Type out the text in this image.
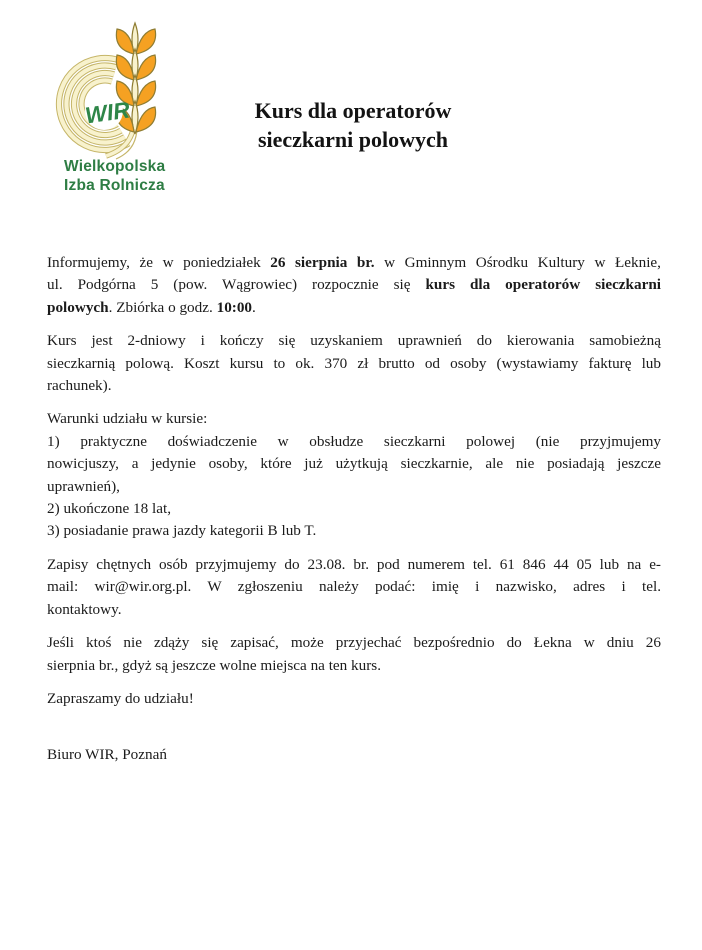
WIR
Wielkopolska
Izba Rolnicza
Kurs dla operatorów
sieczkarni polowych
Informujemy, że w poniedziałek 26 sierpnia br. w Gminnym Ośrodku Kultury w Łeknie,
ul. Podgórna 5 (pow. Wągrowiec) rozpocznie się kurs dla operatorów sieczkarni
polowych. Zbiórka o godz. 10:00.
Kurs jest 2-dniowy i kończy się uzyskaniem uprawnień do kierowania samobieżną
sieczkarnią polową. Koszt kursu to ok. 370 zł brutto od osoby (wystawiamy fakturę lub
rachunek).
Warunki udziału w kursie:
1) praktyczne doświadczenie w obsłudze sieczkarni polowej (nie przyjmujemy
nowicjuszy, a jedynie osoby, które już użytkują sieczkarnie, ale nie posiadają jeszcze
uprawnień),
2) ukończone 18 lat,
3) posiadanie prawa jazdy kategorii B lub T.
Zapisy chętnych osób przyjmujemy do 23.08. br. pod numerem tel. 61 846 44 05 lub na e-
mail: wir@wir.org.pl. W zgłoszeniu należy podać: imię i nazwisko, adres i tel.
kontaktowy.
Jeśli ktoś nie zdąży się zapisać, może przyjechać bezpośrednio do Łekna w dniu 26
sierpnia br., gdyż są jeszcze wolne miejsca na ten kurs.
Zapraszamy do udziału!
Biuro WIR, Poznań
